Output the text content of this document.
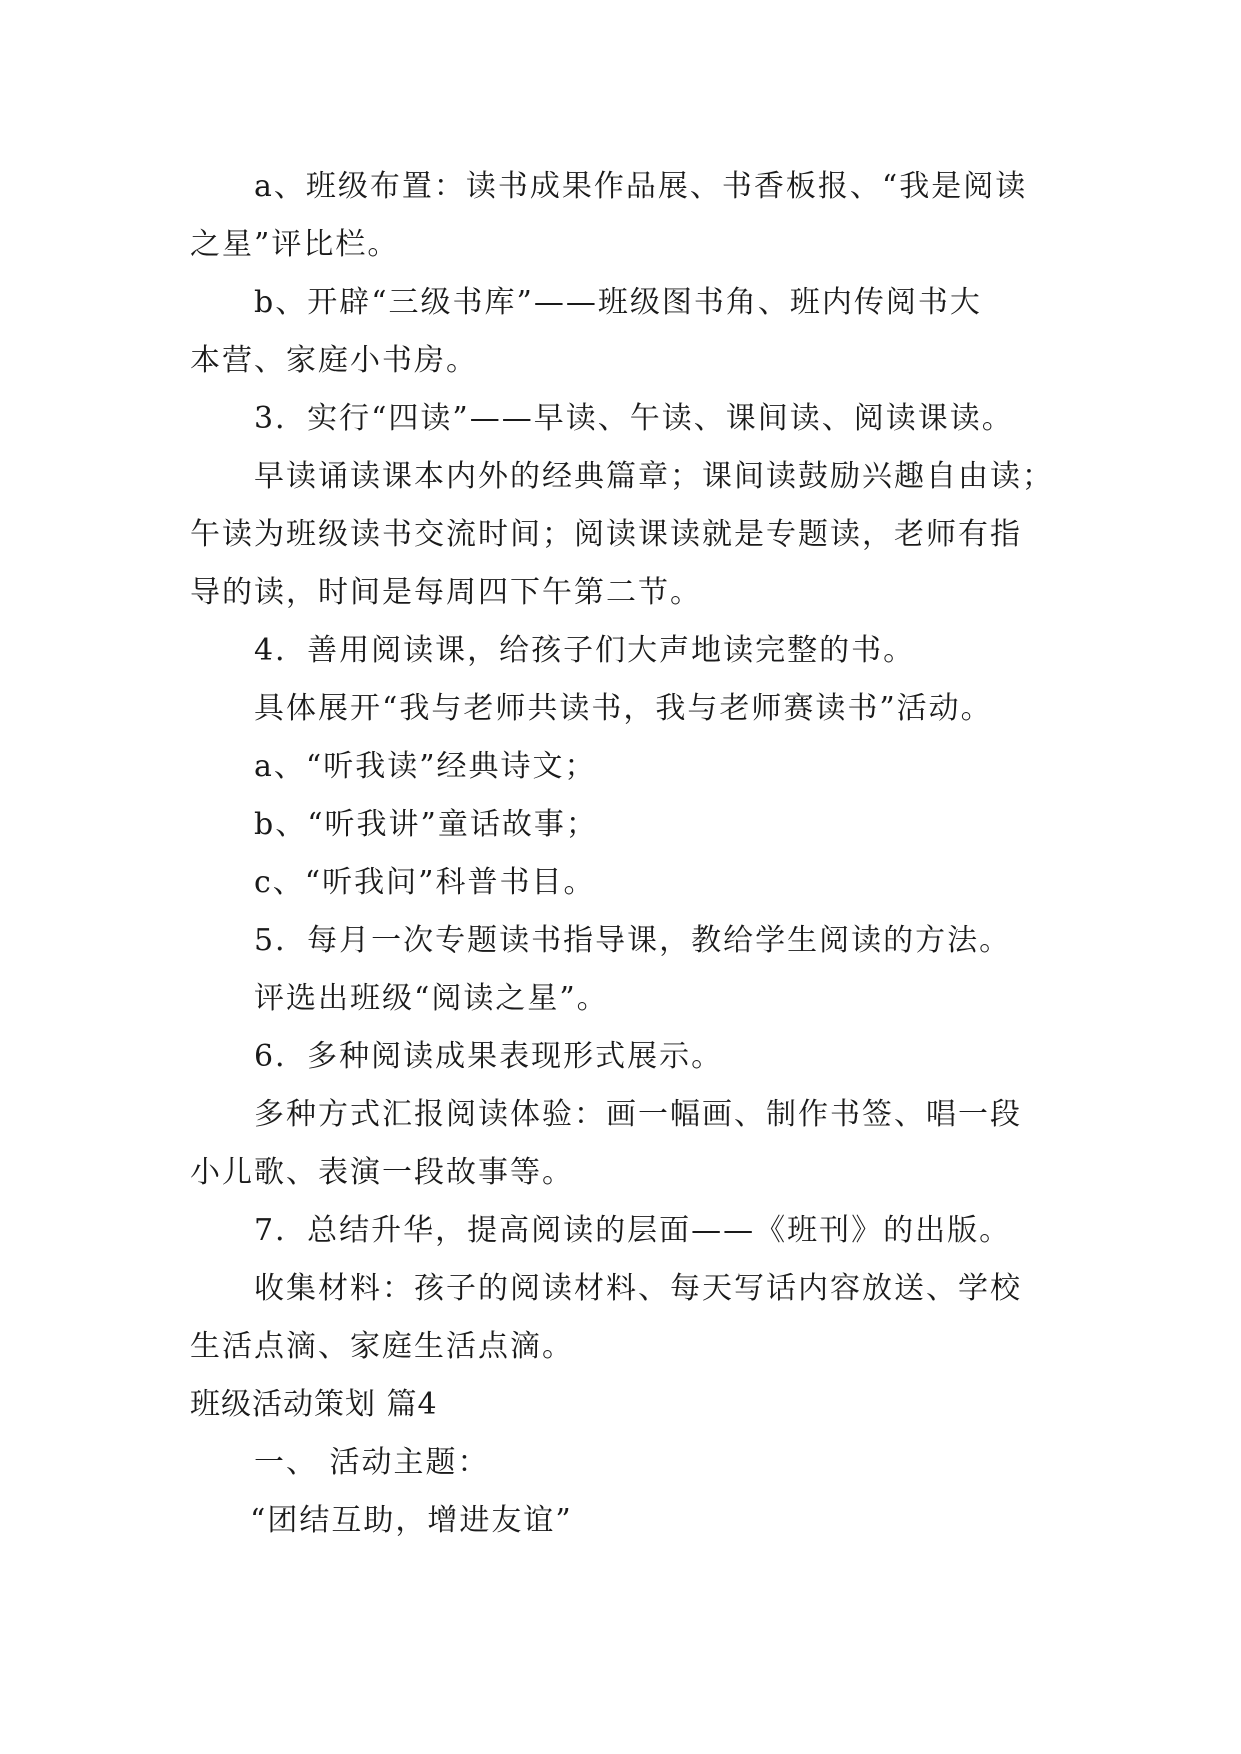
a、班级布置：读书成果作品展、书香板报、“我是阅读
之星”评比栏。
b、开辟“三级书库”——班级图书角、班内传阅书大
本营、家庭小书房。
3．实行“四读”——早读、午读、课间读、阅读课读。
早读诵读课本内外的经典篇章；课间读鼓励兴趣自由读；
午读为班级读书交流时间；阅读课读就是专题读，老师有指
导的读，时间是每周四下午第二节。
4．善用阅读课，给孩子们大声地读完整的书。
具体展开“我与老师共读书，我与老师赛读书”活动。
a、“听我读”经典诗文；
b、“听我讲”童话故事；
c、“听我问”科普书目。
5．每月一次专题读书指导课，教给学生阅读的方法。
评选出班级“阅读之星”。
6．多种阅读成果表现形式展示。
多种方式汇报阅读体验：画一幅画、制作书签、唱一段
小儿歌、表演一段故事等。
7．总结升华，提高阅读的层面——《班刊》的出版。
收集材料：孩子的阅读材料、每天写话内容放送、学校
生活点滴、家庭生活点滴。
班级活动策划 篇4
一、 活动主题：
“团结互助，增进友谊”
